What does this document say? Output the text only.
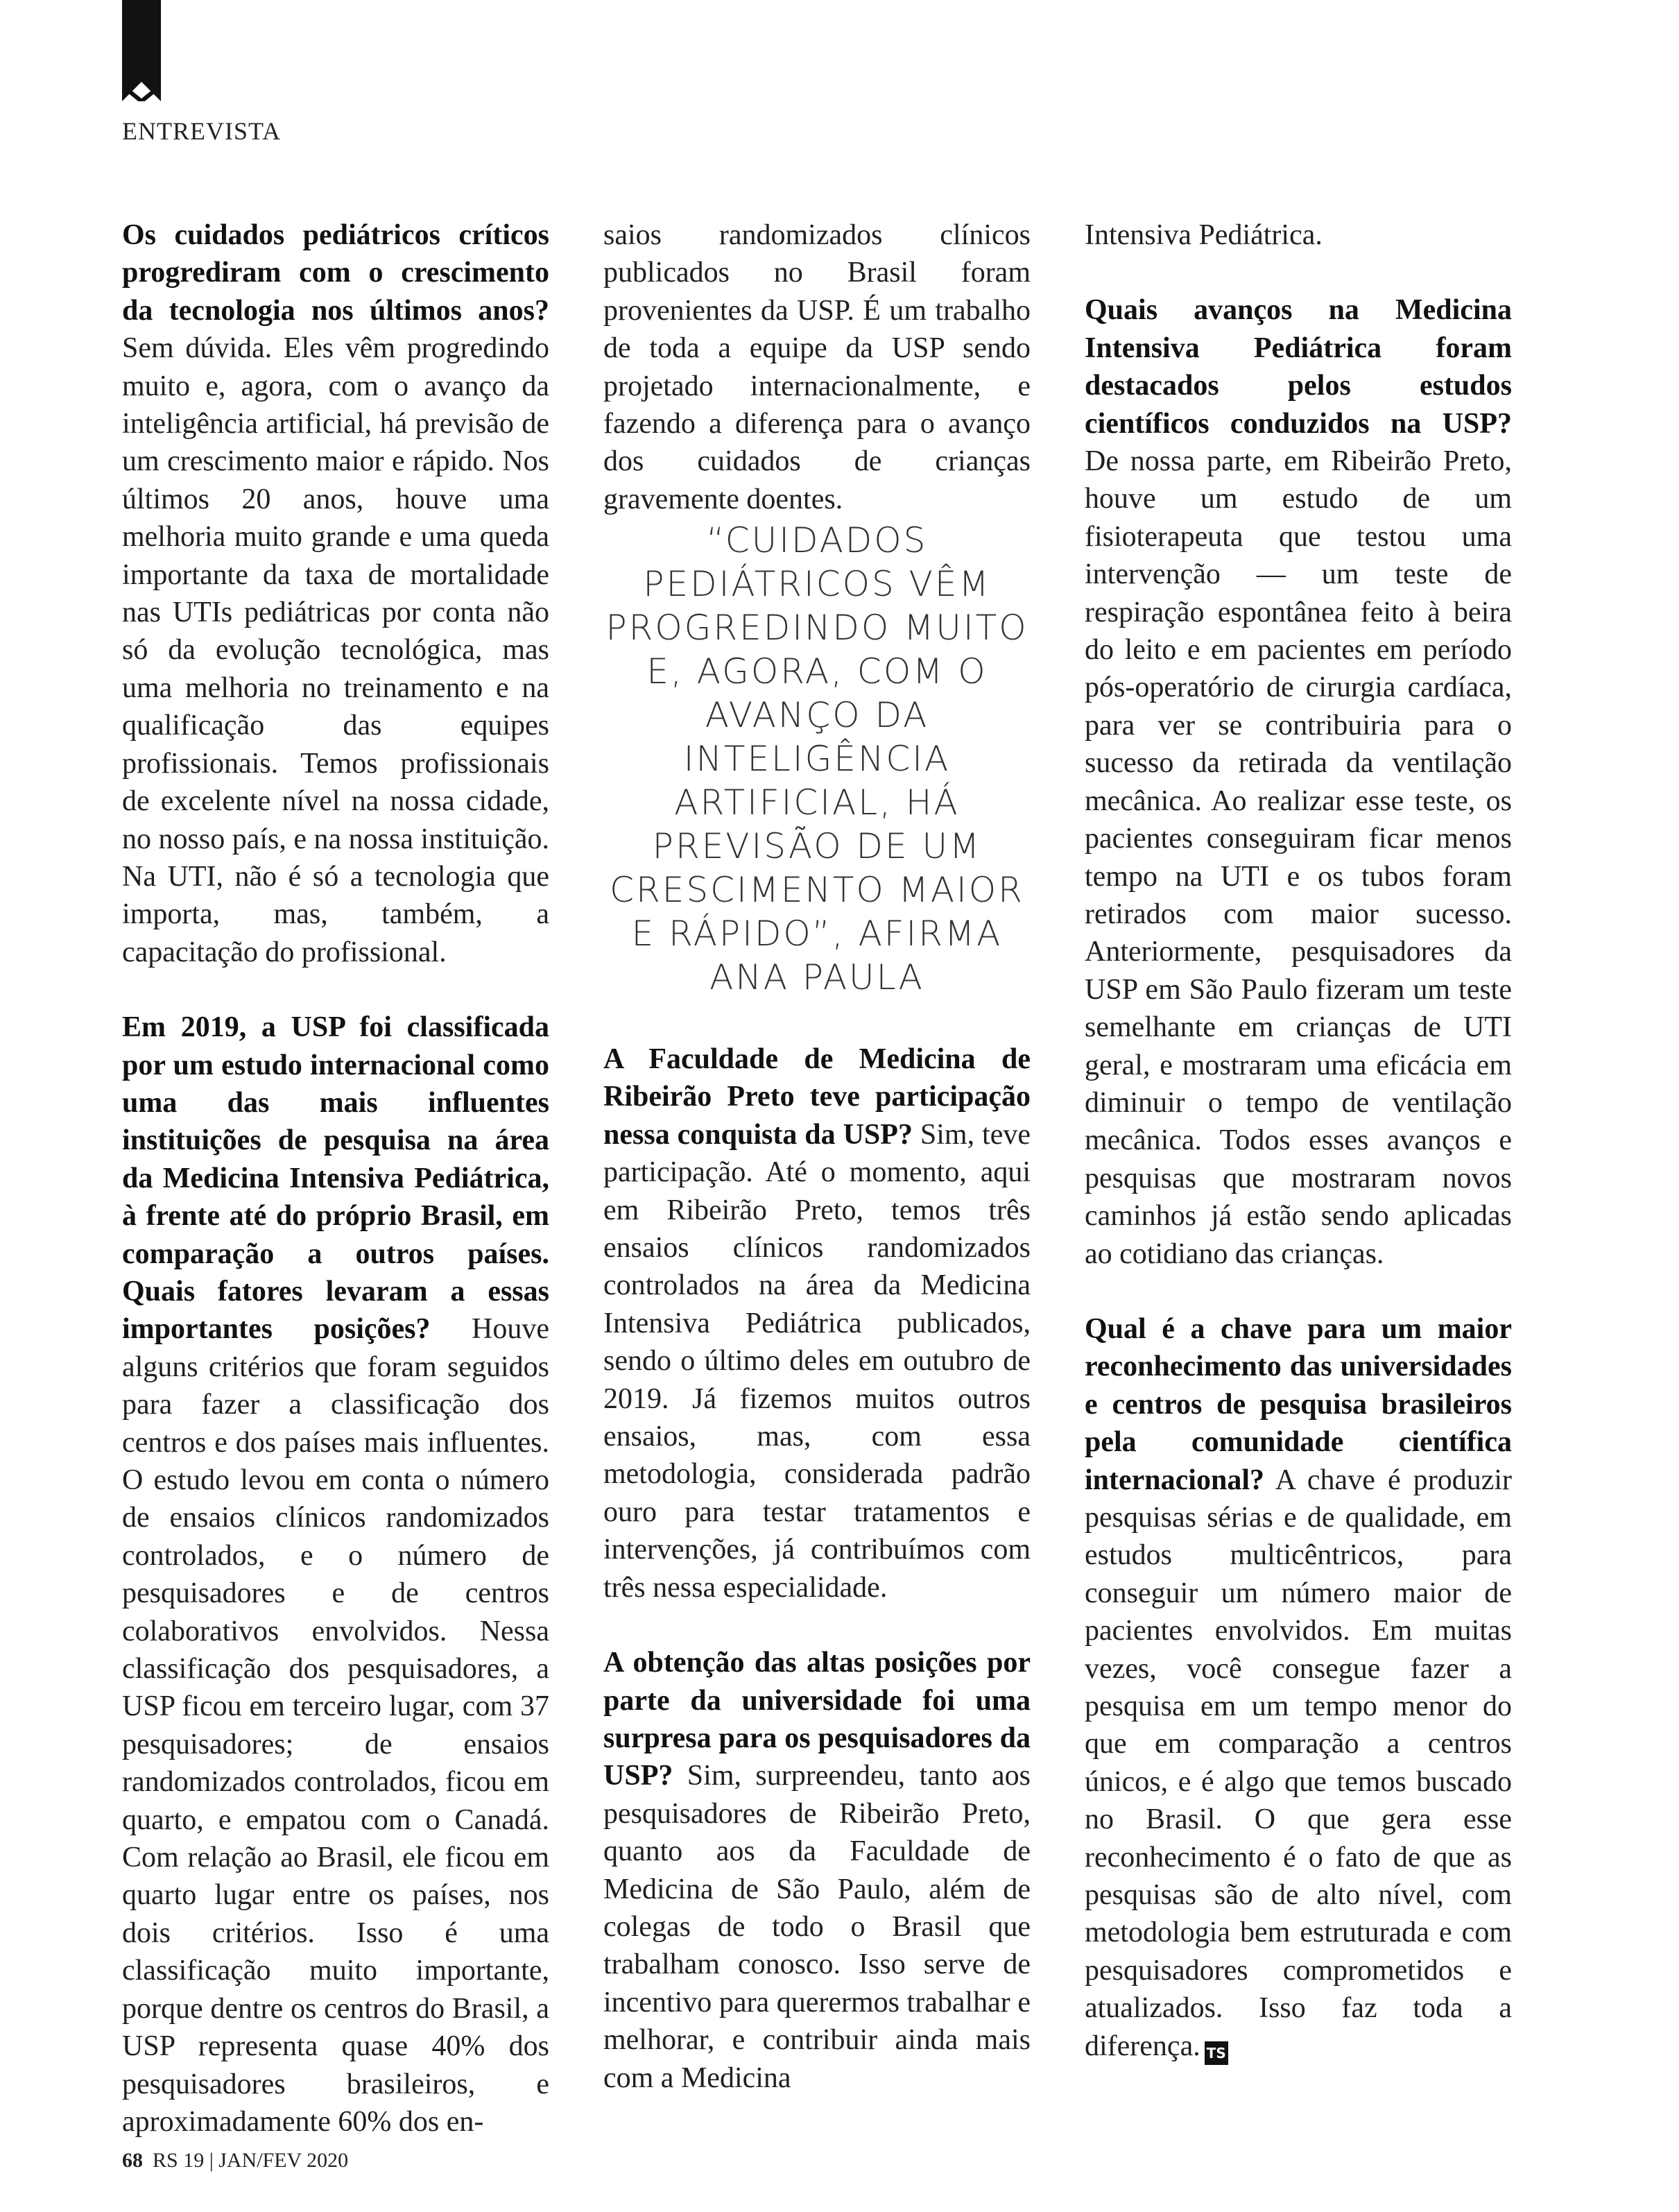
ENTREVISTA

Os cuidados pediátricos críticos progrediram com o crescimento da tecnologia nos últimos anos? Sem dúvida. Eles vêm progredindo muito e, agora, com o avanço da inteligência artificial, há previsão de um crescimento maior e rápido. Nos últimos 20 anos, houve uma melhoria muito grande e uma queda importante da taxa de mortalidade nas UTIs pediátricas por conta não só da evolução tecnológica, mas uma melhoria no treinamento e na qualificação das equipes profissionais. Temos profissionais de excelente nível na nossa cidade, no nosso país, e na nossa instituição. Na UTI, não é só a tecnologia que importa, mas, também, a capacitação do profissional.

Em 2019, a USP foi classificada por um estudo internacional como uma das mais influentes instituições de pesquisa na área da Medicina Intensiva Pediátrica, à frente até do próprio Brasil, em comparação a outros países. Quais fatores levaram a essas importantes posições? Houve alguns critérios que foram seguidos para fazer a classificação dos centros e dos países mais influentes. O estudo levou em conta o número de ensaios clínicos randomizados controlados, e o número de pesquisadores e de centros colaborativos envolvidos. Nessa classificação dos pesquisadores, a USP ficou em terceiro lugar, com 37 pesquisadores; de ensaios randomizados controlados, ficou em quarto, e empatou com o Canadá. Com relação ao Brasil, ele ficou em quarto lugar entre os países, nos dois critérios. Isso é uma classificação muito importante, porque dentre os centros do Brasil, a USP representa quase 40% dos pesquisadores brasileiros, e aproximadamente 60% dos en-

saios randomizados clínicos publicados no Brasil foram provenientes da USP. É um trabalho de toda a equipe da USP sendo projetado internacionalmente, e fazendo a diferença para o avanço dos cuidados de crianças gravemente doentes.

“CUIDADOS PEDIÁTRICOS VÊM PROGREDINDO MUITO E, AGORA, COM O AVANÇO DA INTELIGÊNCIA ARTIFICIAL, HÁ PREVISÃO DE UM CRESCIMENTO MAIOR E RÁPIDO”, AFIRMA ANA PAULA

A Faculdade de Medicina de Ribeirão Preto teve participação nessa conquista da USP? Sim, teve participação. Até o momento, aqui em Ribeirão Preto, temos três ensaios clínicos randomizados controlados na área da Medicina Intensiva Pediátrica publicados, sendo o último deles em outubro de 2019. Já fizemos muitos outros ensaios, mas, com essa metodologia, considerada padrão ouro para testar tratamentos e intervenções, já contribuímos com três nessa especialidade.

A obtenção das altas posições por parte da universidade foi uma surpresa para os pesquisadores da USP? Sim, surpreendeu, tanto aos pesquisadores de Ribeirão Preto, quanto aos da Faculdade de Medicina de São Paulo, além de colegas de todo o Brasil que trabalham conosco. Isso serve de incentivo para querermos trabalhar e melhorar, e contribuir ainda mais com a Medicina

Intensiva Pediátrica.

Quais avanços na Medicina Intensiva Pediátrica foram destacados pelos estudos científicos conduzidos na USP? De nossa parte, em Ribeirão Preto, houve um estudo de um fisioterapeuta que testou uma intervenção — um teste de respiração espontânea feito à beira do leito e em pacientes em período pós-operatório de cirurgia cardíaca, para ver se contribuiria para o sucesso da retirada da ventilação mecânica. Ao realizar esse teste, os pacientes conseguiram ficar menos tempo na UTI e os tubos foram retirados com maior sucesso. Anteriormente, pesquisadores da USP em São Paulo fizeram um teste semelhante em crianças de UTI geral, e mostraram uma eficácia em diminuir o tempo de ventilação mecânica. Todos esses avanços e pesquisas que mostraram novos caminhos já estão sendo aplicadas ao cotidiano das crianças.

Qual é a chave para um maior reconhecimento das universidades e centros de pesquisa brasileiros pela comunidade científica internacional? A chave é produzir pesquisas sérias e de qualidade, em estudos multicêntricos, para conseguir um número maior de pacientes envolvidos. Em muitas vezes, você consegue fazer a pesquisa em um tempo menor do que em comparação a centros únicos, e é algo que temos buscado no Brasil. O que gera esse reconhecimento é o fato de que as pesquisas são de alto nível, com metodologia bem estruturada e com pesquisadores comprometidos e atualizados. Isso faz toda a diferença. TS

68 RS 19 | JAN/FEV 2020
